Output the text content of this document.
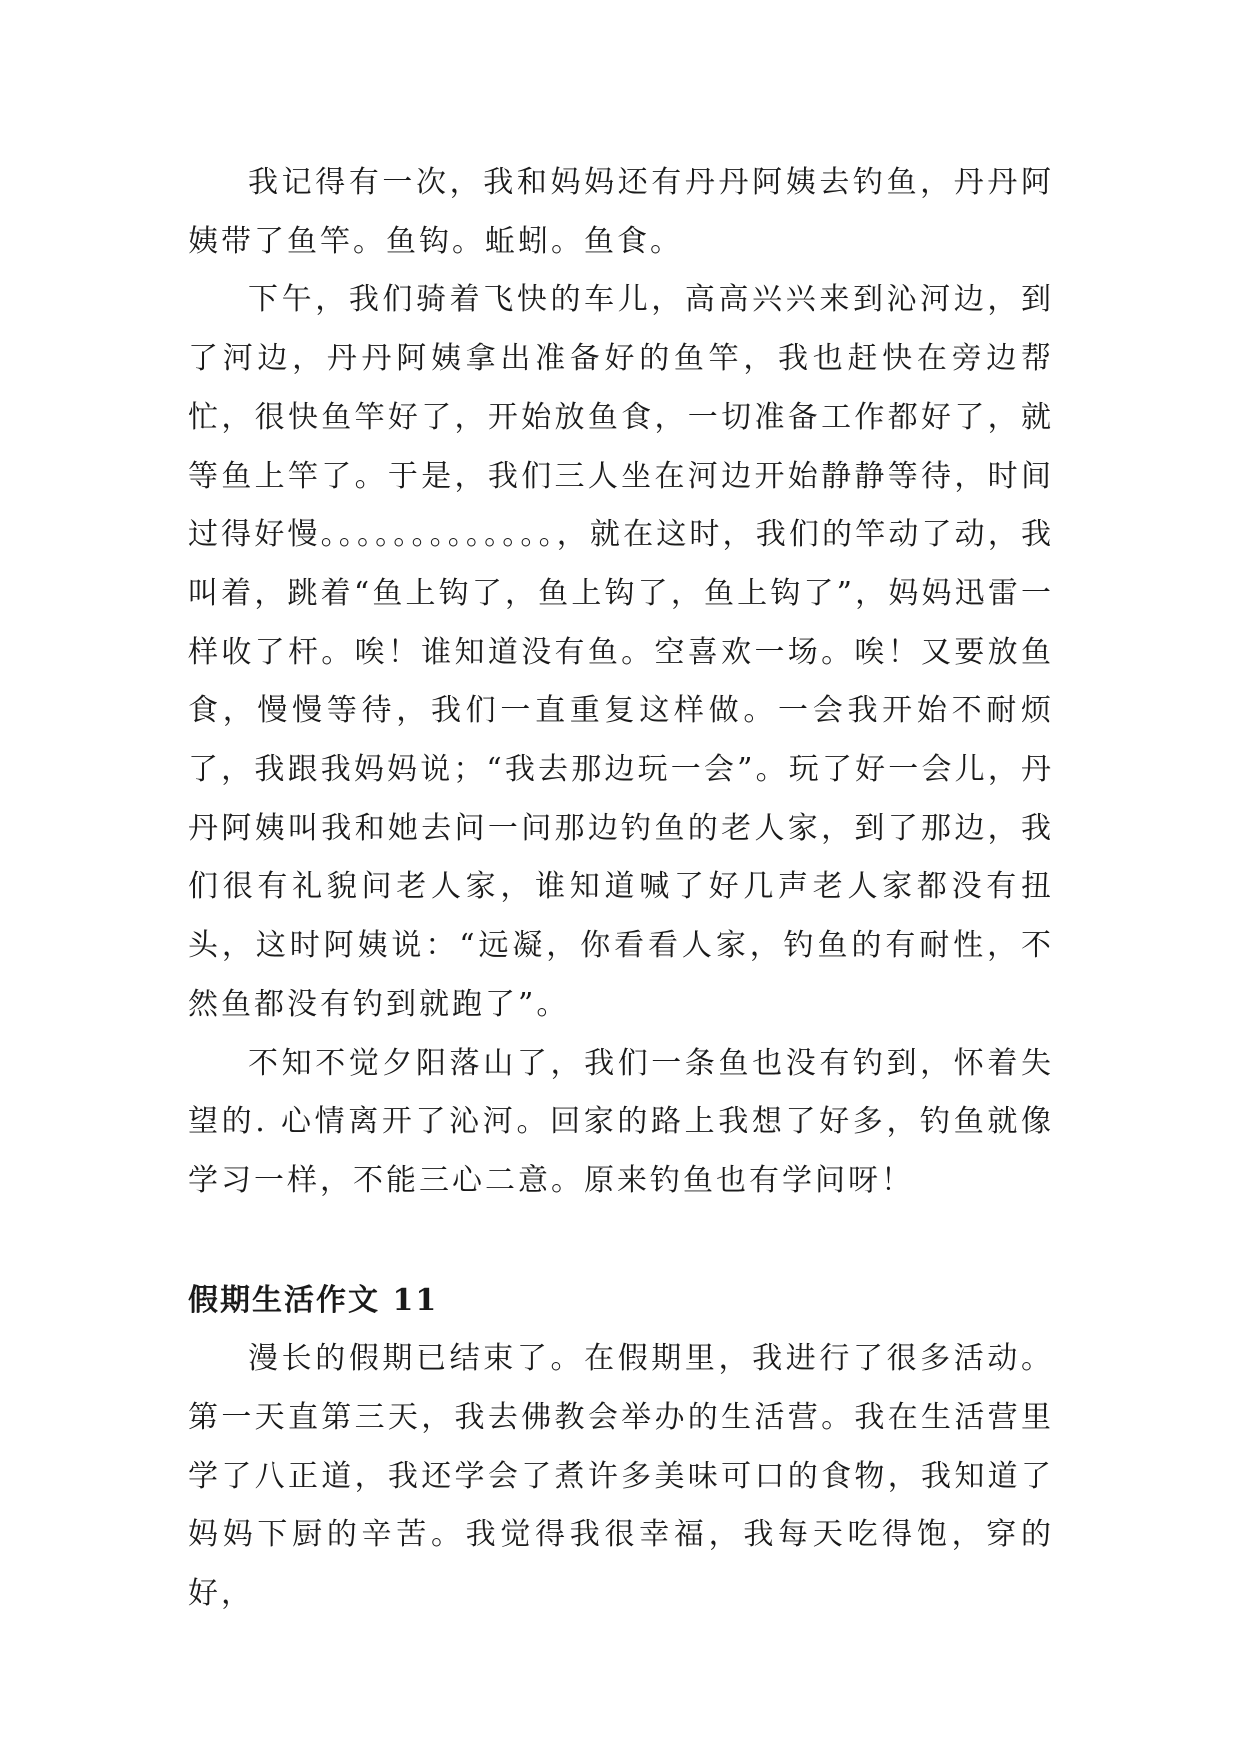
我记得有一次，我和妈妈还有丹丹阿姨去钓鱼，丹丹阿姨带了鱼竿。鱼钩。蚯蚓。鱼食。

下午，我们骑着飞快的车儿，高高兴兴来到沁河边，到了河边，丹丹阿姨拿出准备好的鱼竿，我也赶快在旁边帮忙，很快鱼竿好了，开始放鱼食，一切准备工作都好了，就等鱼上竿了。于是，我们三人坐在河边开始静静等待，时间过得好慢。。。。。。。。。。。。。，就在这时，我们的竿动了动，我叫着，跳着“鱼上钩了，鱼上钩了，鱼上钩了”，妈妈迅雷一样收了杆。唉！谁知道没有鱼。空喜欢一场。唉！又要放鱼食，慢慢等待，我们一直重复这样做。一会我开始不耐烦了，我跟我妈妈说；“我去那边玩一会”。玩了好一会儿，丹丹阿姨叫我和她去问一问那边钓鱼的老人家，到了那边，我们很有礼貌问老人家，谁知道喊了好几声老人家都没有扭头，这时阿姨说：“远凝，你看看人家，钓鱼的有耐性，不然鱼都没有钓到就跑了”。

不知不觉夕阳落山了，我们一条鱼也没有钓到，怀着失望的. 心情离开了沁河。回家的路上我想了好多，钓鱼就像学习一样，不能三心二意。原来钓鱼也有学问呀！

假期生活作文 11

漫长的假期已结束了。在假期里，我进行了很多活动。第一天直第三天，我去佛教会举办的生活营。我在生活营里学了八正道，我还学会了煮许多美味可口的食物，我知道了妈妈下厨的辛苦。我觉得我很幸福，我每天吃得饱，穿的好，
